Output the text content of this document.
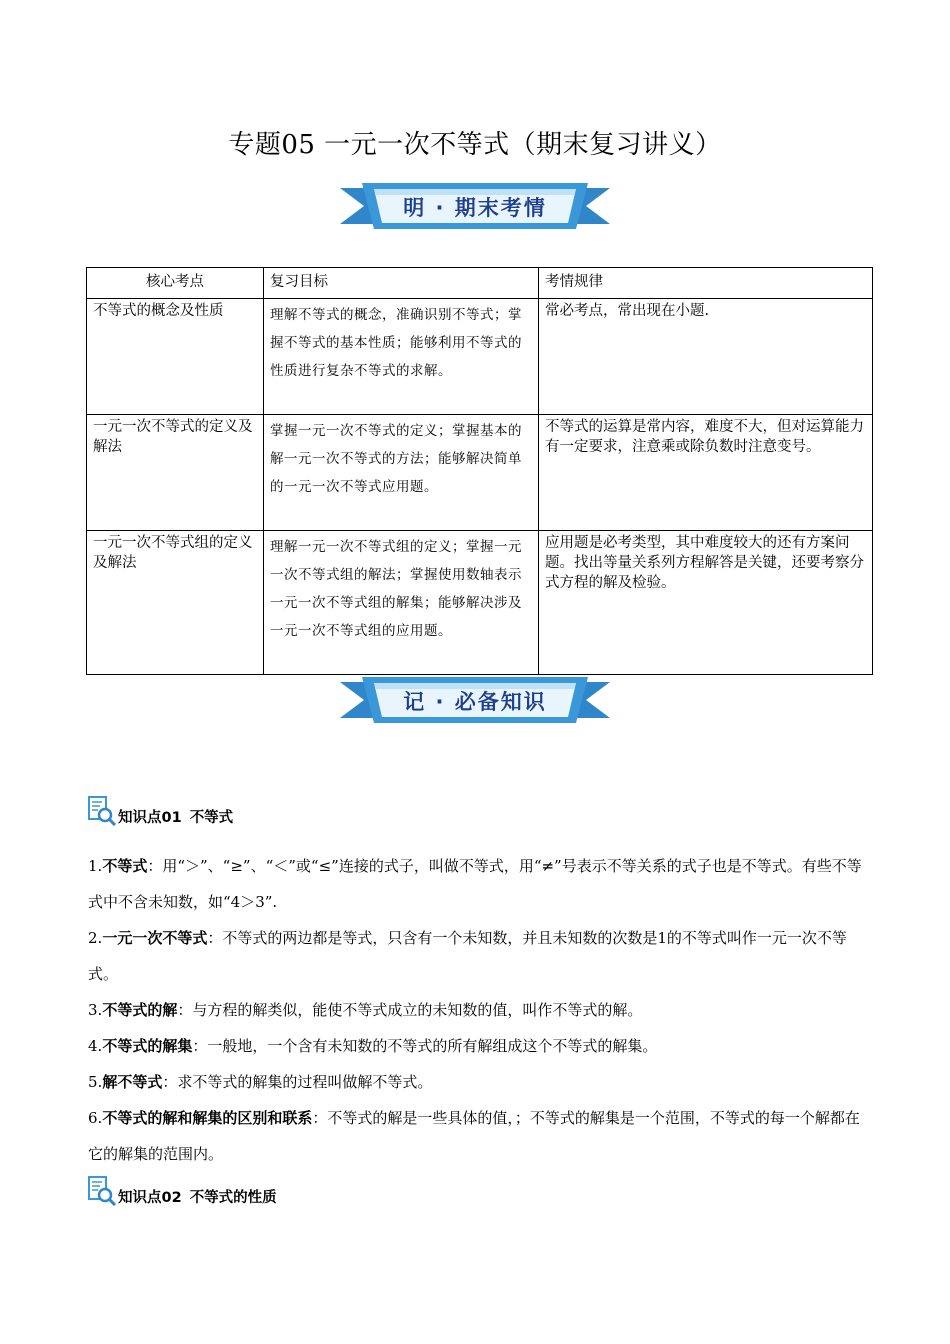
专题05 一元一次不等式（期末复习讲义）
明 · 期末考情
核心考点	复习目标	考情规律
不等式的概念及性质	理解不等式的概念，准确识别不等式；掌握不等式的基本性质；能够利用不等式的性质进行复杂不等式的求解。	常必考点，常出现在小题.
一元一次不等式的定义及解法	掌握一元一次不等式的定义；掌握基本的解一元一次不等式的方法；能够解决简单的一元一次不等式应用题。	不等式的运算是常内容，难度不大，但对运算能力有一定要求，注意乘或除负数时注意变号。
一元一次不等式组的定义及解法	理解一元一次不等式组的定义；掌握一元一次不等式组的解法；掌握使用数轴表示一元一次不等式组的解集；能够解决涉及一元一次不等式组的应用题。	应用题是必考类型，其中难度较大的还有方案问题。找出等量关系列方程解答是关键，还要考察分式方程的解及检验。
记 · 必备知识
知识点01 不等式

1.不等式：用“＞”、“≥”、“＜”或“≤”连接的式子，叫做不等式，用“≠”号表示不等关系的式子也是不等式。有些不等式中不含未知数，如“4＞3”.

2.一元一次不等式：不等式的两边都是等式，只含有一个未知数，并且未知数的次数是1的不等式叫作一元一次不等式。

3.不等式的解：与方程的解类似，能使不等式成立的未知数的值，叫作不等式的解。

4.不等式的解集：一般地，一个含有未知数的不等式的所有解组成这个不等式的解集。

5.解不等式：求不等式的解集的过程叫做解不等式。

6.不等式的解和解集的区别和联系：不等式的解是一些具体的值，；不等式的解集是一个范围，不等式的每一个解都在它的解集的范围内。

知识点02 不等式的性质
